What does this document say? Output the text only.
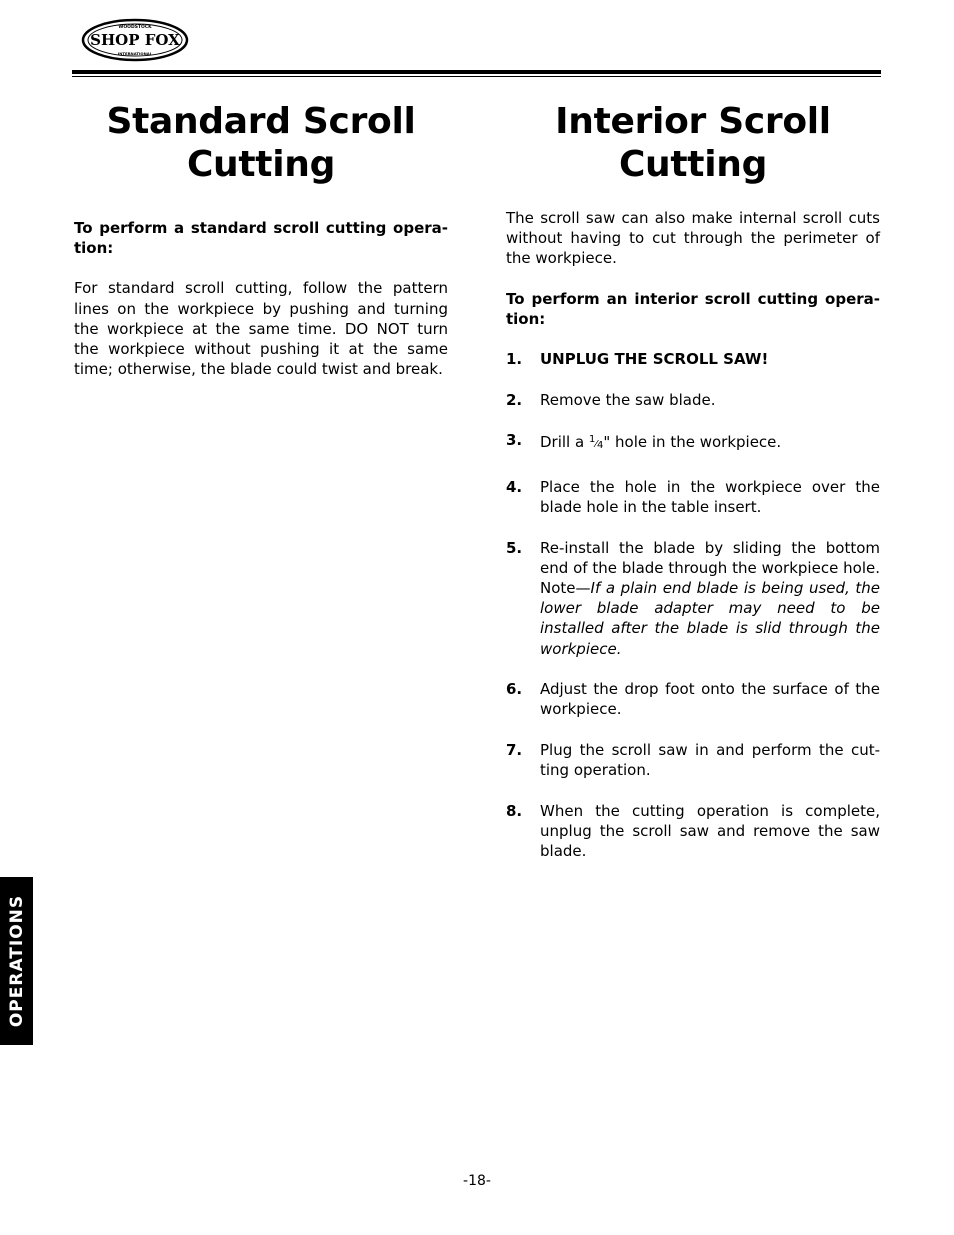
WOODSTOCK
SHOP FOX
INTERNATIONAL
Standard Scroll Cutting

To perform a standard scroll cutting opera-tion:

For standard scroll cutting, follow the pattern lines on the workpiece by pushing and turning the workpiece at the same time. DO NOT turn the workpiece without pushing it at the same time; otherwise, the blade could twist and break.

Interior Scroll Cutting

The scroll saw can also make internal scroll cuts without having to cut through the perimeter of the workpiece.

To perform an interior scroll cutting opera-tion:

1. UNPLUG THE SCROLL SAW!
2. Remove the saw blade.
3. Drill a 1⁄4" hole in the workpiece.
4. Place the hole in the workpiece over the blade hole in the table insert.
5. Re-install the blade by sliding the bottom end of the blade through the workpiece hole. Note—If a plain end blade is being used, the lower blade adapter may need to be installed after the blade is slid through the workpiece.
6. Adjust the drop foot onto the surface of the workpiece.
7. Plug the scroll saw in and perform the cut-ting operation.
8. When the cutting operation is complete, unplug the scroll saw and remove the saw blade.
OPERATIONS
-18-
